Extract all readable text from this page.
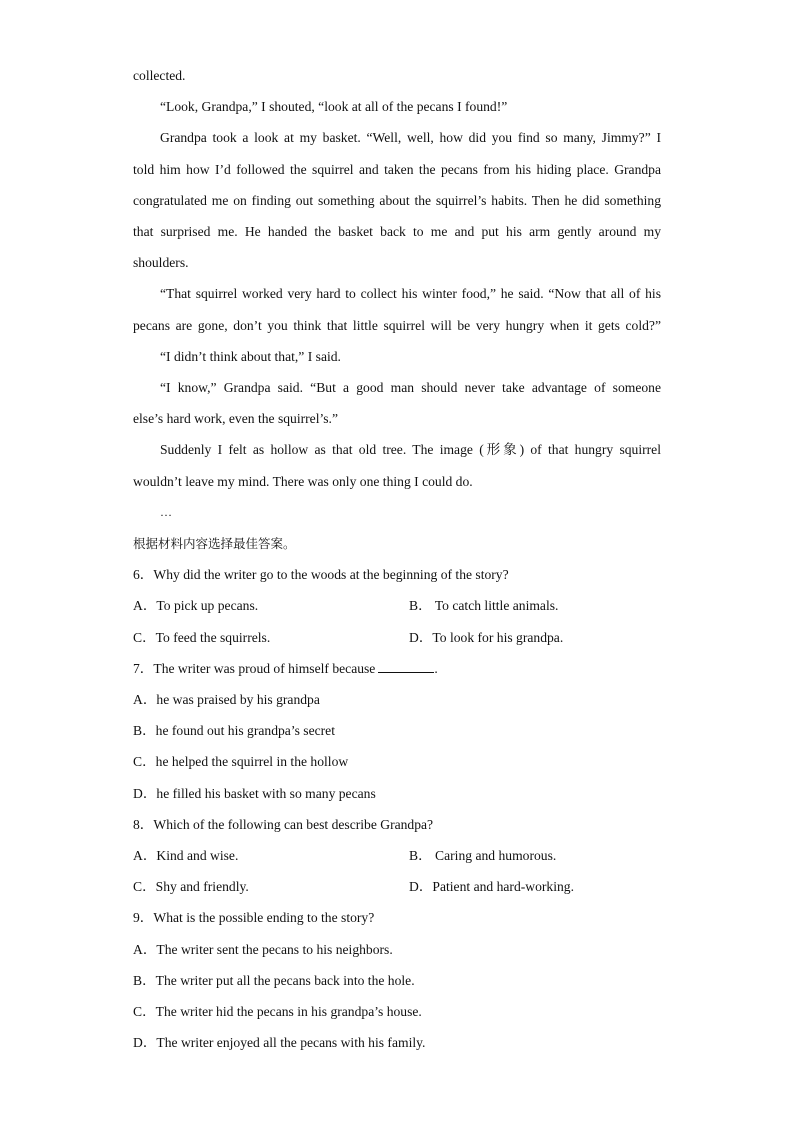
collected.

“Look, Grandpa,” I shouted, “look at all of the pecans I found!”

Grandpa took a look at my basket. “Well, well, how did you find so many, Jimmy?” I

told him how I’d followed the squirrel and taken the pecans from his hiding place. Grandpa

congratulated me on finding out something about the squirrel’s habits. Then he did something

that surprised me. He handed the basket back to me and put his arm gently around my

shoulders.

“That squirrel worked very hard to collect his winter food,” he said. “Now that all of his

pecans are gone, don’t you think that little squirrel will be very hungry when it gets cold?”

“I didn’t think about that,” I said.

“I know,” Grandpa said. “But a good man should never take advantage of someone

else’s hard work, even the squirrel’s.”

Suddenly I felt as hollow as that old tree. The image (形象) of that hungry squirrel

wouldn’t leave my mind. There was only one thing I could do.

…

根据材料内容选择最佳答案。

6．Why did the writer go to the woods at the beginning of the story?

A．To pick up pecans.	B． To catch little animals.
C．To feed the squirrels.	D．To look for his grandpa.

7．The writer was proud of himself because	.

A．he was praised by his grandpa

B．he found out his grandpa’s secret

C．he helped the squirrel in the hollow

D．he filled his basket with so many pecans

8．Which of the following can best describe Grandpa?

A．Kind and wise.	B． Caring and humorous.
C．Shy and friendly.	D．Patient and hard-working.

9．What is the possible ending to the story?

A．The writer sent the pecans to his neighbors.

B．The writer put all the pecans back into the hole.

C．The writer hid the pecans in his grandpa’s house.

D．The writer enjoyed all the pecans with his family.
